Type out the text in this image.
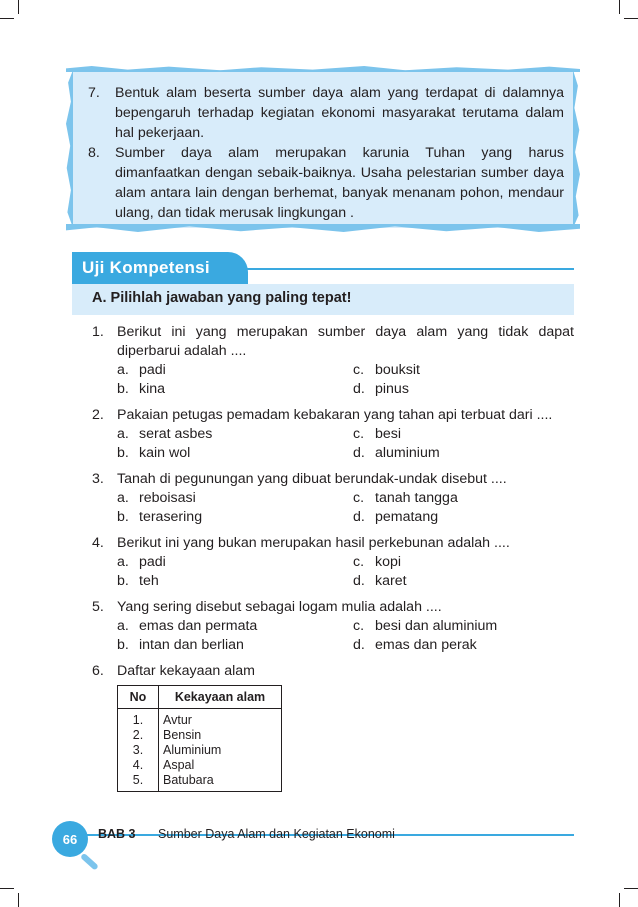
7.	Bentuk alam beserta sumber daya alam yang terdapat di dalamnya bepengaruh terhadap kegiatan ekonomi masyarakat terutama dalam hal pekerjaan.
8.	Sumber daya alam merupakan karunia Tuhan yang harus dimanfaatkan dengan sebaik-baiknya. Usaha pelestarian sumber daya alam antara lain dengan berhemat, banyak menanam pohon, mendaur ulang, dan tidak merusak lingkungan .
Uji Kompetensi
A. Pilihlah jawaban yang paling tepat!
1. Berikut ini yang merupakan sumber daya alam yang tidak dapat diperbarui adalah ....
a. padi	c. bouksit
b. kina	d. pinus
2. Pakaian petugas pemadam kebakaran yang tahan api terbuat dari ....
a. serat asbes	c. besi
b. kain wol	d. aluminium
3. Tanah di pegunungan yang dibuat berundak-undak disebut ....
a. reboisasi	c. tanah tangga
b. terasering	d. pematang
4. Berikut ini yang bukan merupakan hasil perkebunan adalah ....
a. padi	c. kopi
b. teh	d. karet
5. Yang sering disebut sebagai logam mulia adalah ....
a. emas dan permata	c. besi dan aluminium
b. intan dan berlian	d. emas dan perak
6. Daftar kekayaan alam
No	Kekayaan alam
1.	Avtur
2.	Bensin
3.	Aluminium
4.	Aspal
5.	Batubara
66	BAB 3 Sumber Daya Alam dan Kegiatan Ekonomi
